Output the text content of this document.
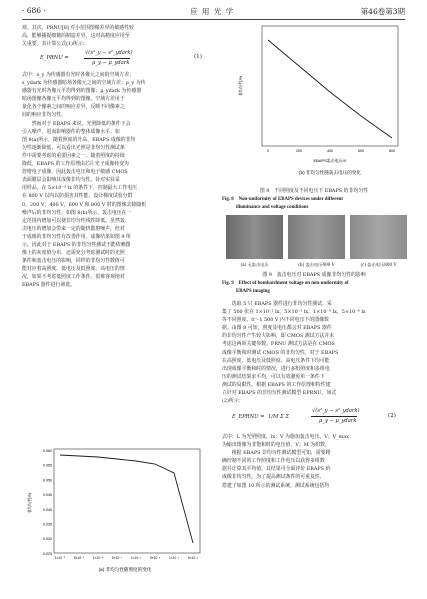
· 686 ·	应 用 光 学	第46卷第3期
观。其次，PRNU[8] 对小范围图像差异的敏感性较
高，能够捕捉细微的制造差异，这对高精度应用至
关重要。其计算公式(1)所示：
E_PRNU =
√(s²_y − s²_ydark)
μ_y − μ_ydark
(1)
式中：s_y 为传感器有光时各像元之间的空域方差；
s_ydark 为传感器暗场各像元之间的空域方差；μ_y 为传
感器有光时各像元平均得到的图像；μ_ydark 为传感器
暗场图像各像元平均得到的图像。空域方差用于
量化各个像素之间的响应差异，反映不同像素之
间的响应非均匀性。
　　然而对于 EBAPS 来说，光照降低的条件下会
引入噪声，进而影响器件的整体成像水平。如
图 8(a)所示，随着照度的升高，EBAPS 成像的非均
匀性逐渐降低，可以看出光照是非均匀性测试条
件中需要考虑的重要因素之一。随着照度的持续
降低，EBAPS 的工作原理由芯片光子成像转变为
倍增电子成像，因此轰击电压和电子敏感 CMOS
表面膜层会影响其成像非均匀性。针对实验采
用样品，在 5×10⁻³ lx 的条件下，控制最大工作电压
在 800 V 以内以防损害其性能，设计梯度试验分群
0，200 V，400 V，600 V 和 800 V 时的图像去除随机
噪声后的非均匀性，如图 8(b)所示，轰击电压在一
定范围内增加可以使非均匀性线性降低。虽然轰
击电压的增加会带来一定的随机散射噪声，但对
于成像的非均匀性有改善作用，成像结果如图 9 所
示。因此对于 EBAPS 的非均匀性测试不能依赖图
像上的灰度值分布，还需充分考虑测试时的光照
条件和轰击电压的影响，同样的非均匀性数值可
能对应着高照度、低电压及低照度、高电压的情
况，如果不考虑低照度工作条件，很难客观地对
EBAPS 器件进行筛选。
非均匀性/%
0.060
0.055
0.050
0.045
0.040
0.035
0.030
0.025
1×10⁻⁵	5×10⁻⁵	1×10⁻⁴	5×10⁻⁴	1×10⁻³	5×10⁻³	1×10⁻²	5×10⁻²
(a) 非均匀性随照度的变化
非均匀性/%
0	200	400	600	800
EBAPS轰击电压/V
(b) 非均匀性随轰击电压的变化
图 8　不同照度及不同电压下 EBAPS 的非均匀性
Fig. 8　Non-uniformity of EBAPS devices under different
illuminance and voltage conditions
(a) 无轰击电压	(b) 轰击电压400 V	(c) 轰击电压800 V
图 9　轰击电压对 EBAPS 成像非均匀性的影响
Fig. 9　Effect of bombardment voltage on non-uniformity of
EBAPS imaging
　　选取 5 只 EBAPS 器件进行非均匀性测试，采
集了 500 张在 1×10⁻² lx，5×10⁻³ lx，1×10⁻³ lx，5×10⁻⁴ lx
等不同照度、0～1 500 V 内不同电压下的图像数
据。由图 8 可知，照度及电压都会对 EBAPS 器件
的非均匀性产生较大影响，即 CMOS 测试方法并未
考虑这两项关键参数。PRNU 测试方法是在 CMOS
成像平衡和时测试 CMOS 的非均匀性，对于 EBAPS
在高照度、低电压及低照度、高电压条件下均可能
出现成像平衡和时的情况，进行多组照度和多组电
压的测试结果求平均，可以有效避免单一条件下
测试的局限性。根据 EBAPS 的工作原理和特性建
立针对 EBAPS 的非均匀性测试模型 EPRNU，如式
(2)所示：
E_EPRNU = 1/M Σ Σ
√(s²_y − s²_ydark)
μ_y − μ_ydark
(2)
式中：L 为光照照度，lx；V 为施加轰击电压，V；V_max
为输出图像为非饱和时的电压值，V；M 为组数。
　　根据 EBAPS 非均匀性测试模型可知，需要精
确控制不同的工作照度和工作电压以获得多组数
据并计算其平均值，其结果可全面评价 EBAPS 的
成像非均匀性。为了提高测试条件的可重复性，
搭建了如图 10 所示的测试系统。测试系统包括均
